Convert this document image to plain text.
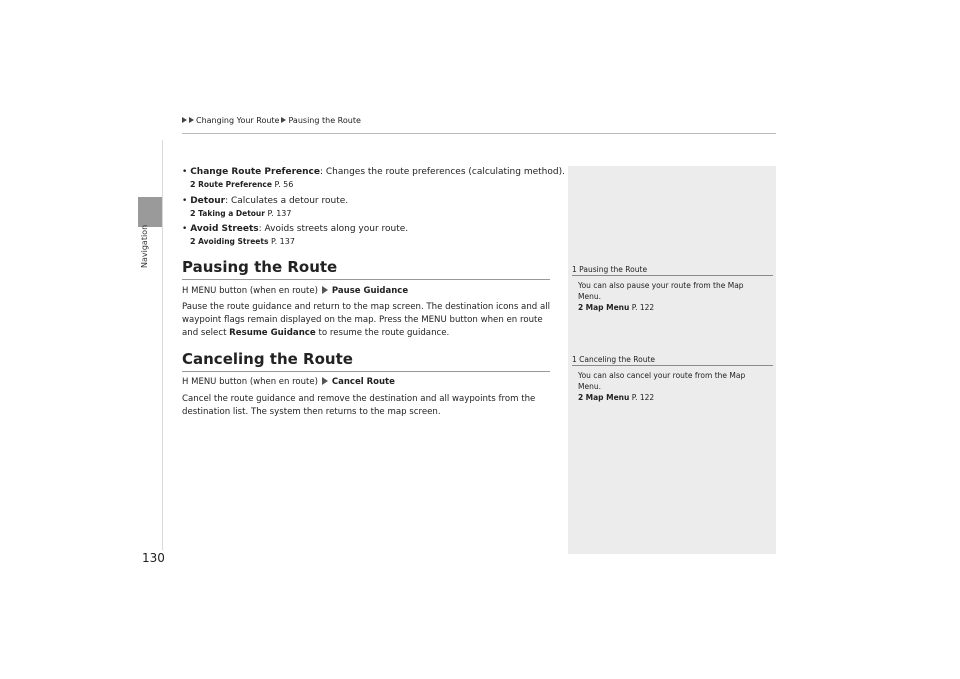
Navigation
Changing Your Route Pausing the Route
• Change Route Preference: Changes the route preferences (calculating method).
2 Route Preference P. 56
• Detour: Calculates a detour route.
2 Taking a Detour P. 137
• Avoid Streets: Avoids streets along your route.
2 Avoiding Streets P. 137
Pausing the Route
H MENU button (when en route) Pause Guidance
Pause the route guidance and return to the map screen. The destination icons and all waypoint flags remain displayed on the map. Press the MENU button when en route and select Resume Guidance to resume the route guidance.
Canceling the Route
H MENU button (when en route) Cancel Route
Cancel the route guidance and remove the destination and all waypoints from the destination list. The system then returns to the map screen.
1 Pausing the Route
You can also pause your route from the Map Menu.
2 Map Menu P. 122
1 Canceling the Route
You can also cancel your route from the Map Menu.
2 Map Menu P. 122
130
